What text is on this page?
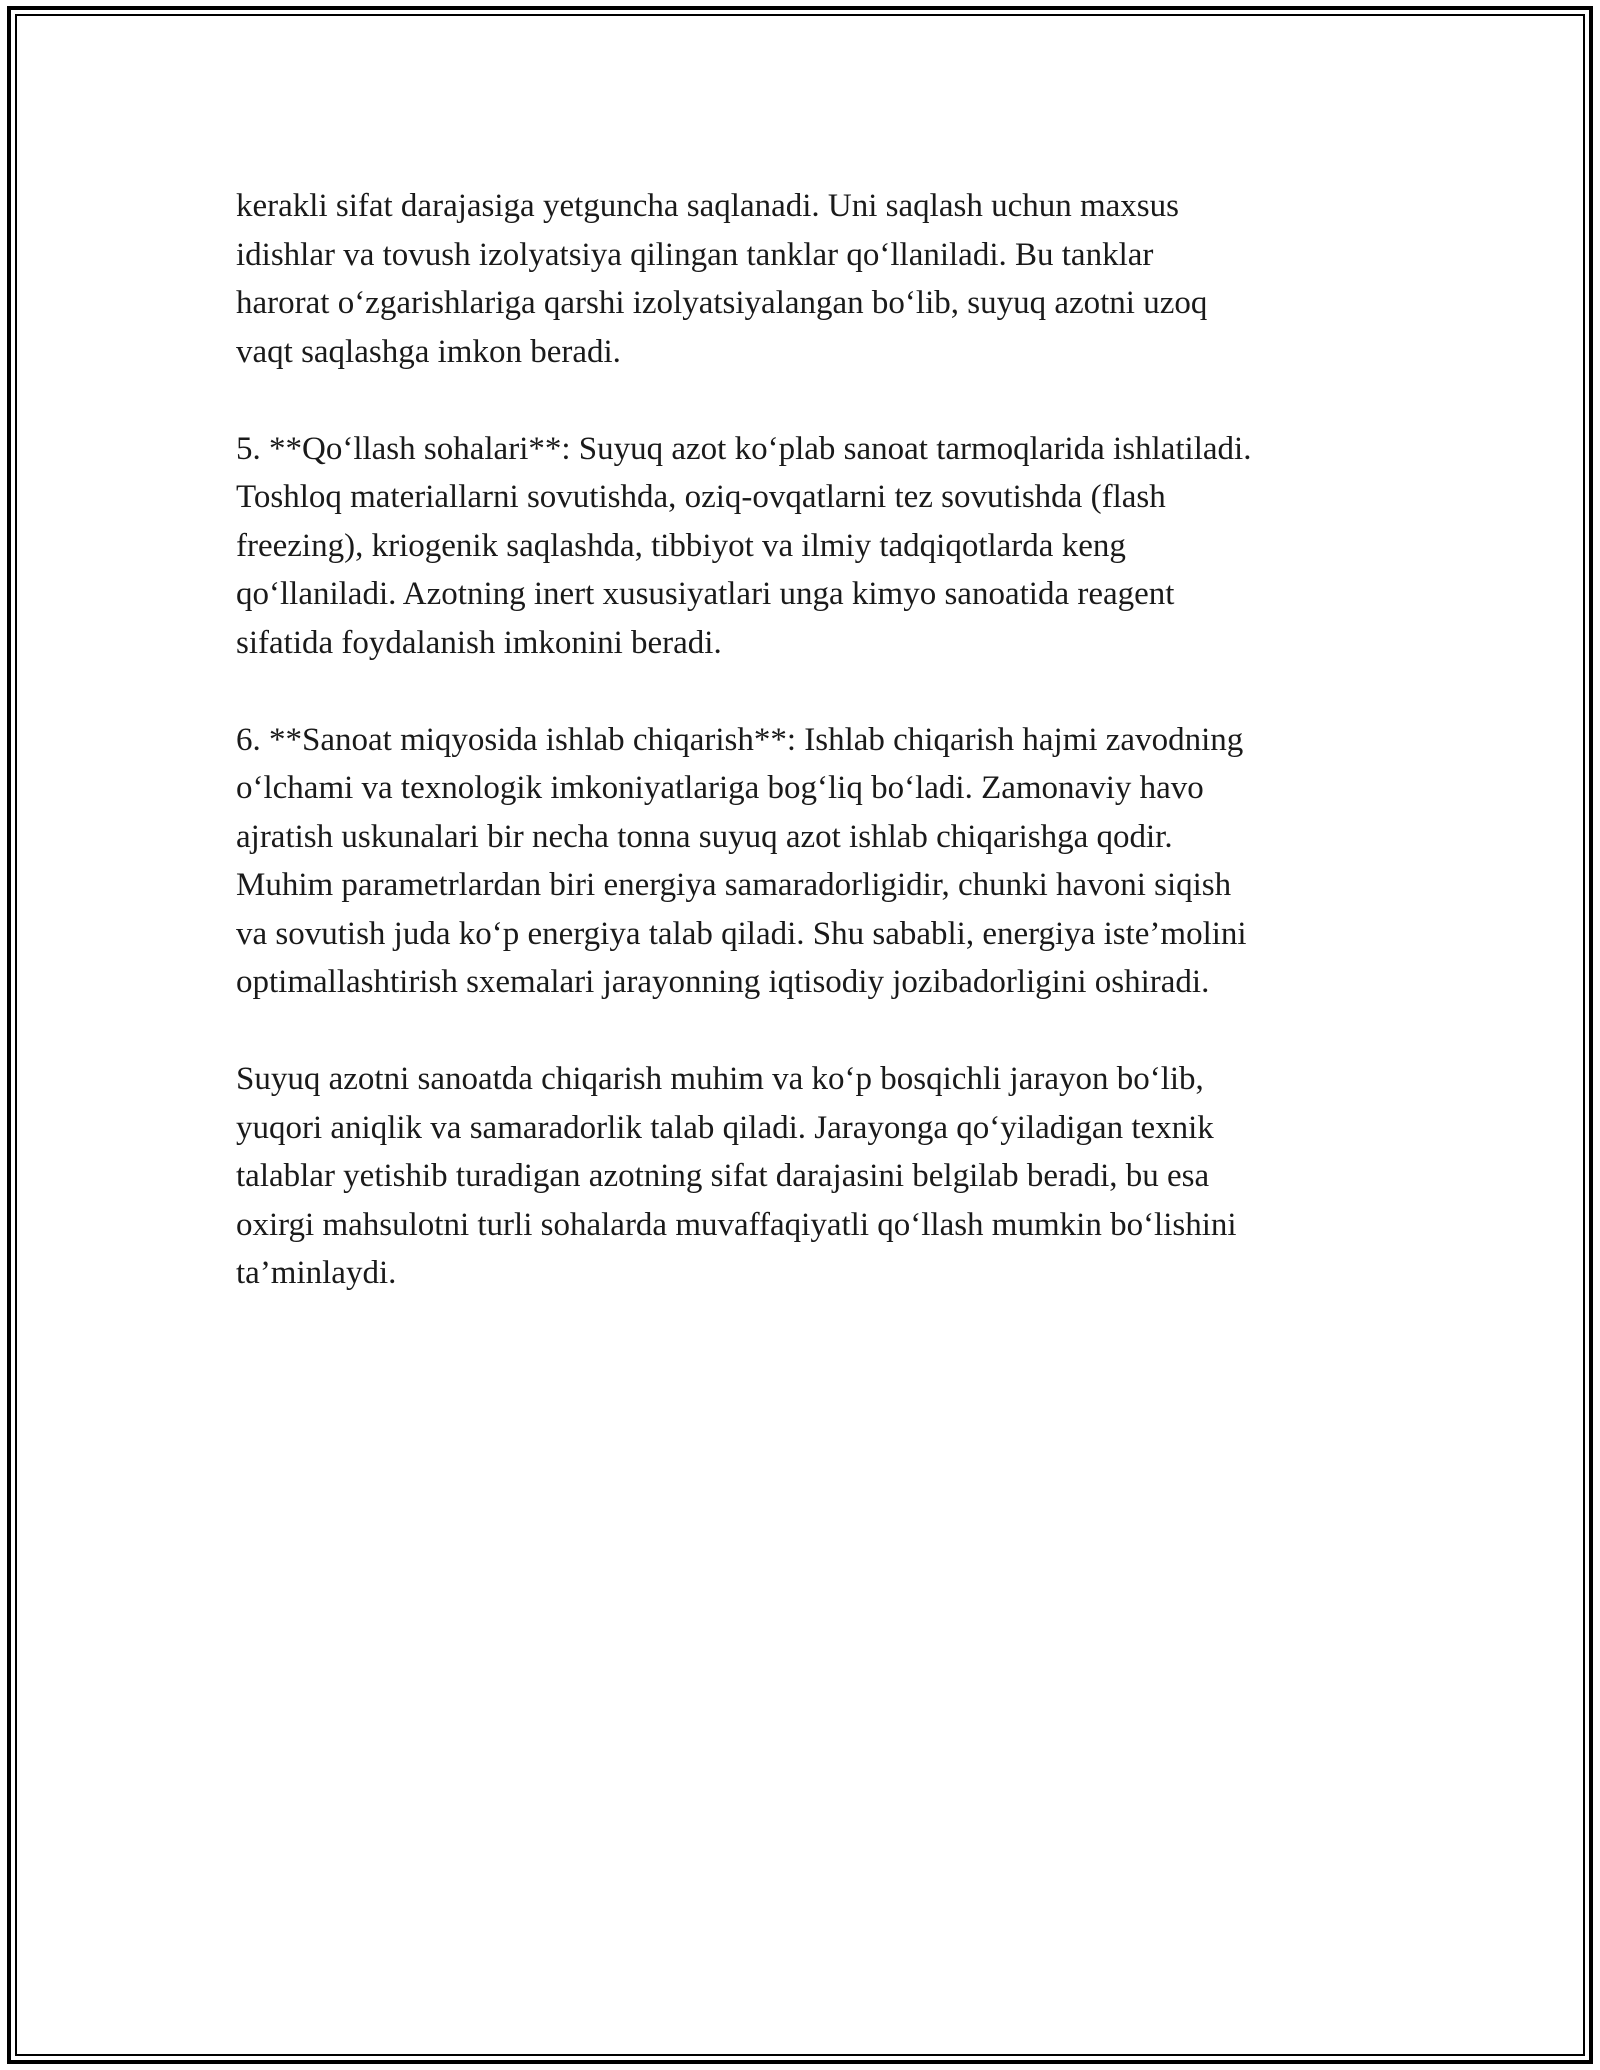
kerakli sifat darajasiga yetguncha saqlanadi. Uni saqlash uchun maxsus
idishlar va tovush izolyatsiya qilingan tanklar qo‘llaniladi. Bu tanklar
harorat o‘zgarishlariga qarshi izolyatsiyalangan bo‘lib, suyuq azotni uzoq
vaqt saqlashga imkon beradi.

5. **Qo‘llash sohalari**: Suyuq azot ko‘plab sanoat tarmoqlarida ishlatiladi.
Toshloq materiallarni sovutishda, oziq-ovqatlarni tez sovutishda (flash
freezing), kriogenik saqlashda, tibbiyot va ilmiy tadqiqotlarda keng
qo‘llaniladi. Azotning inert xususiyatlari unga kimyo sanoatida reagent
sifatida foydalanish imkonini beradi.

6. **Sanoat miqyosida ishlab chiqarish**: Ishlab chiqarish hajmi zavodning
o‘lchami va texnologik imkoniyatlariga bog‘liq bo‘ladi. Zamonaviy havo
ajratish uskunalari bir necha tonna suyuq azot ishlab chiqarishga qodir.
Muhim parametrlardan biri energiya samaradorligidir, chunki havoni siqish
va sovutish juda ko‘p energiya talab qiladi. Shu sababli, energiya iste’molini
optimallashtirish sxemalari jarayonning iqtisodiy jozibadorligini oshiradi.

Suyuq azotni sanoatda chiqarish muhim va ko‘p bosqichli jarayon bo‘lib,
yuqori aniqlik va samaradorlik talab qiladi. Jarayonga qo‘yiladigan texnik
talablar yetishib turadigan azotning sifat darajasini belgilab beradi, bu esa
oxirgi mahsulotni turli sohalarda muvaffaqiyatli qo‘llash mumkin bo‘lishini
ta’minlaydi.
